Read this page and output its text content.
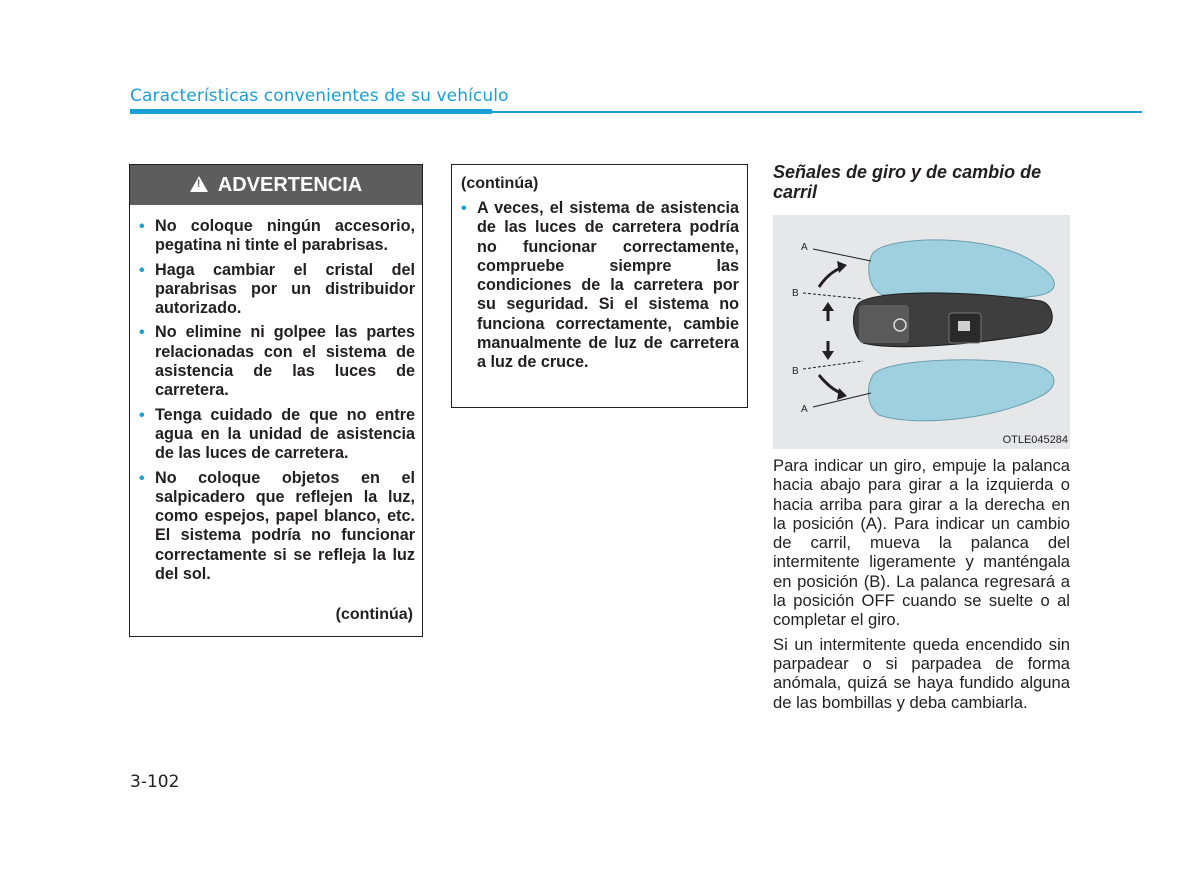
Características convenientes de su vehículo
!
ADVERTENCIA
• No coloque ningún accesorio, pegatina ni tinte el parabrisas.
• Haga cambiar el cristal del parabrisas por un distribuidor autorizado.
• No elimine ni golpee las partes relacionadas con el sistema de asistencia de las luces de carretera.
• Tenga cuidado de que no entre agua en la unidad de asistencia de las luces de carretera.
• No coloque objetos en el salpicadero que reflejen la luz, como espejos, papel blanco, etc. El sistema podría no funcionar correctamente si se refleja la luz del sol.
(continúa)
(continúa)
• A veces, el sistema de asistencia de las luces de carretera podría no funcionar correctamente, compruebe siempre las condiciones de la carretera por su seguridad. Si el sistema no funciona correctamente, cambie manualmente de luz de carretera a luz de cruce.
Señales de giro y de cambio de carril
A
B
B
A
OTLE045284

Para indicar un giro, empuje la palanca hacia abajo para girar a la izquierda o hacia arriba para girar a la derecha en la posición (A). Para indicar un cambio de carril, mueva la palanca del intermitente ligeramente y manténgala en posición (B). La palanca regresará a la posición OFF cuando se suelte o al completar el giro.

Si un intermitente queda encendido sin parpadear o si parpadea de forma anómala, quizá se haya fundido alguna de las bombillas y deba cambiarla.

3-102
